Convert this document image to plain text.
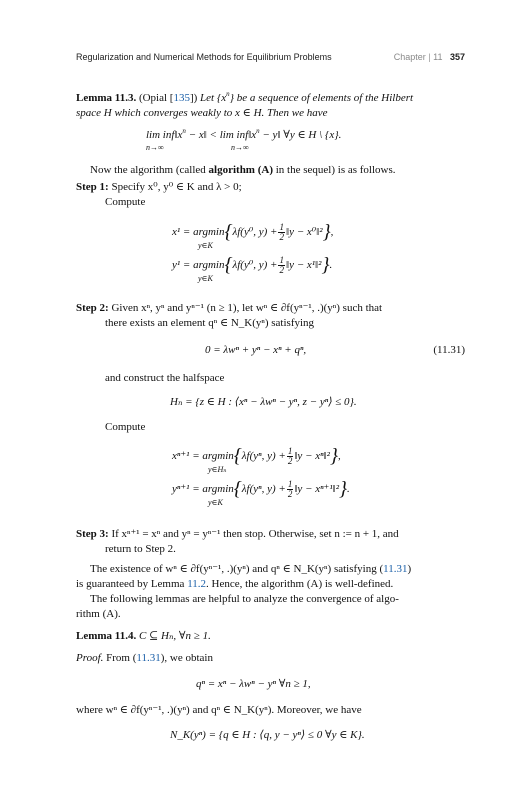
Regularization and Numerical Methods for Equilibrium Problems	Chapter | 11 357
Lemma 11.3. (Opial [135]) Let $\{x^n\}$ be a sequence of elements of the Hilbert
space H which converges weakly to x ∈ H. Then we have
$\lim inf‖x^n$ − x‖ < $\lim inf‖x^n$ − y‖ ∀y ∈ H \ {x}.
n→∞	n→∞
Now the algorithm (called algorithm (A) in the sequel) is as follows.
Step 1: Specify x⁰, y⁰ ∈ K and λ > 0;
Compute
x¹ = argmin{λf(y⁰, $y) + \frac{1}{2}$ ‖y − x⁰‖²},
y∈K
y¹ = argmin{λf(y⁰, $y) + \frac{1}{2}$ ‖y − x¹‖²}.
y∈K
Step 2: Given xⁿ, yⁿ and yⁿ⁻¹ (n ≥ 1), let wⁿ ∈ ∂f(yⁿ⁻¹, .)(yⁿ) such that
there exists an element qⁿ ∈ N_K(yⁿ) satisfying
0 = λwⁿ + yⁿ − xⁿ + qⁿ,	(11.31)
and construct the halfspace
Hₙ = {z ∈ H : ⟨xⁿ − λwⁿ − yⁿ, z − yⁿ⟩ ≤ 0}.
Compute
xⁿ⁺¹ = argmin{λf(yⁿ, $y) + \frac{1}{2}$ ‖y − xⁿ‖²},
y∈Hₙ
yⁿ⁺¹ = argmin{λf(yⁿ, $y) + \frac{1}{2}$ ‖y − xⁿ⁺¹‖²}.
y∈K
Step 3: If xⁿ⁺¹ = xⁿ and yⁿ = yⁿ⁻¹ then stop. Otherwise, set n := n + 1, and
return to Step 2.
The existence of wⁿ ∈ ∂f(yⁿ⁻¹, .)(yⁿ) and qⁿ ∈ N_K(yⁿ) satisfying (11.31)
is guaranteed by Lemma 11.2. Hence, the algorithm (A) is well-defined.
The following lemmas are helpful to analyze the convergence of algo-
rithm (A).
Lemma 11.4. C ⊆ Hₙ, ∀n ≥ 1.
Proof. From (11.31), we obtain
qⁿ = xⁿ − λwⁿ − yⁿ ∀n ≥ 1,
where wⁿ ∈ ∂f(yⁿ⁻¹, .)(yⁿ) and qⁿ ∈ N_K(yⁿ). Moreover, we have
N_K(yⁿ) = {q ∈ H : ⟨q, y − yⁿ⟩ ≤ 0 ∀y ∈ K}.
